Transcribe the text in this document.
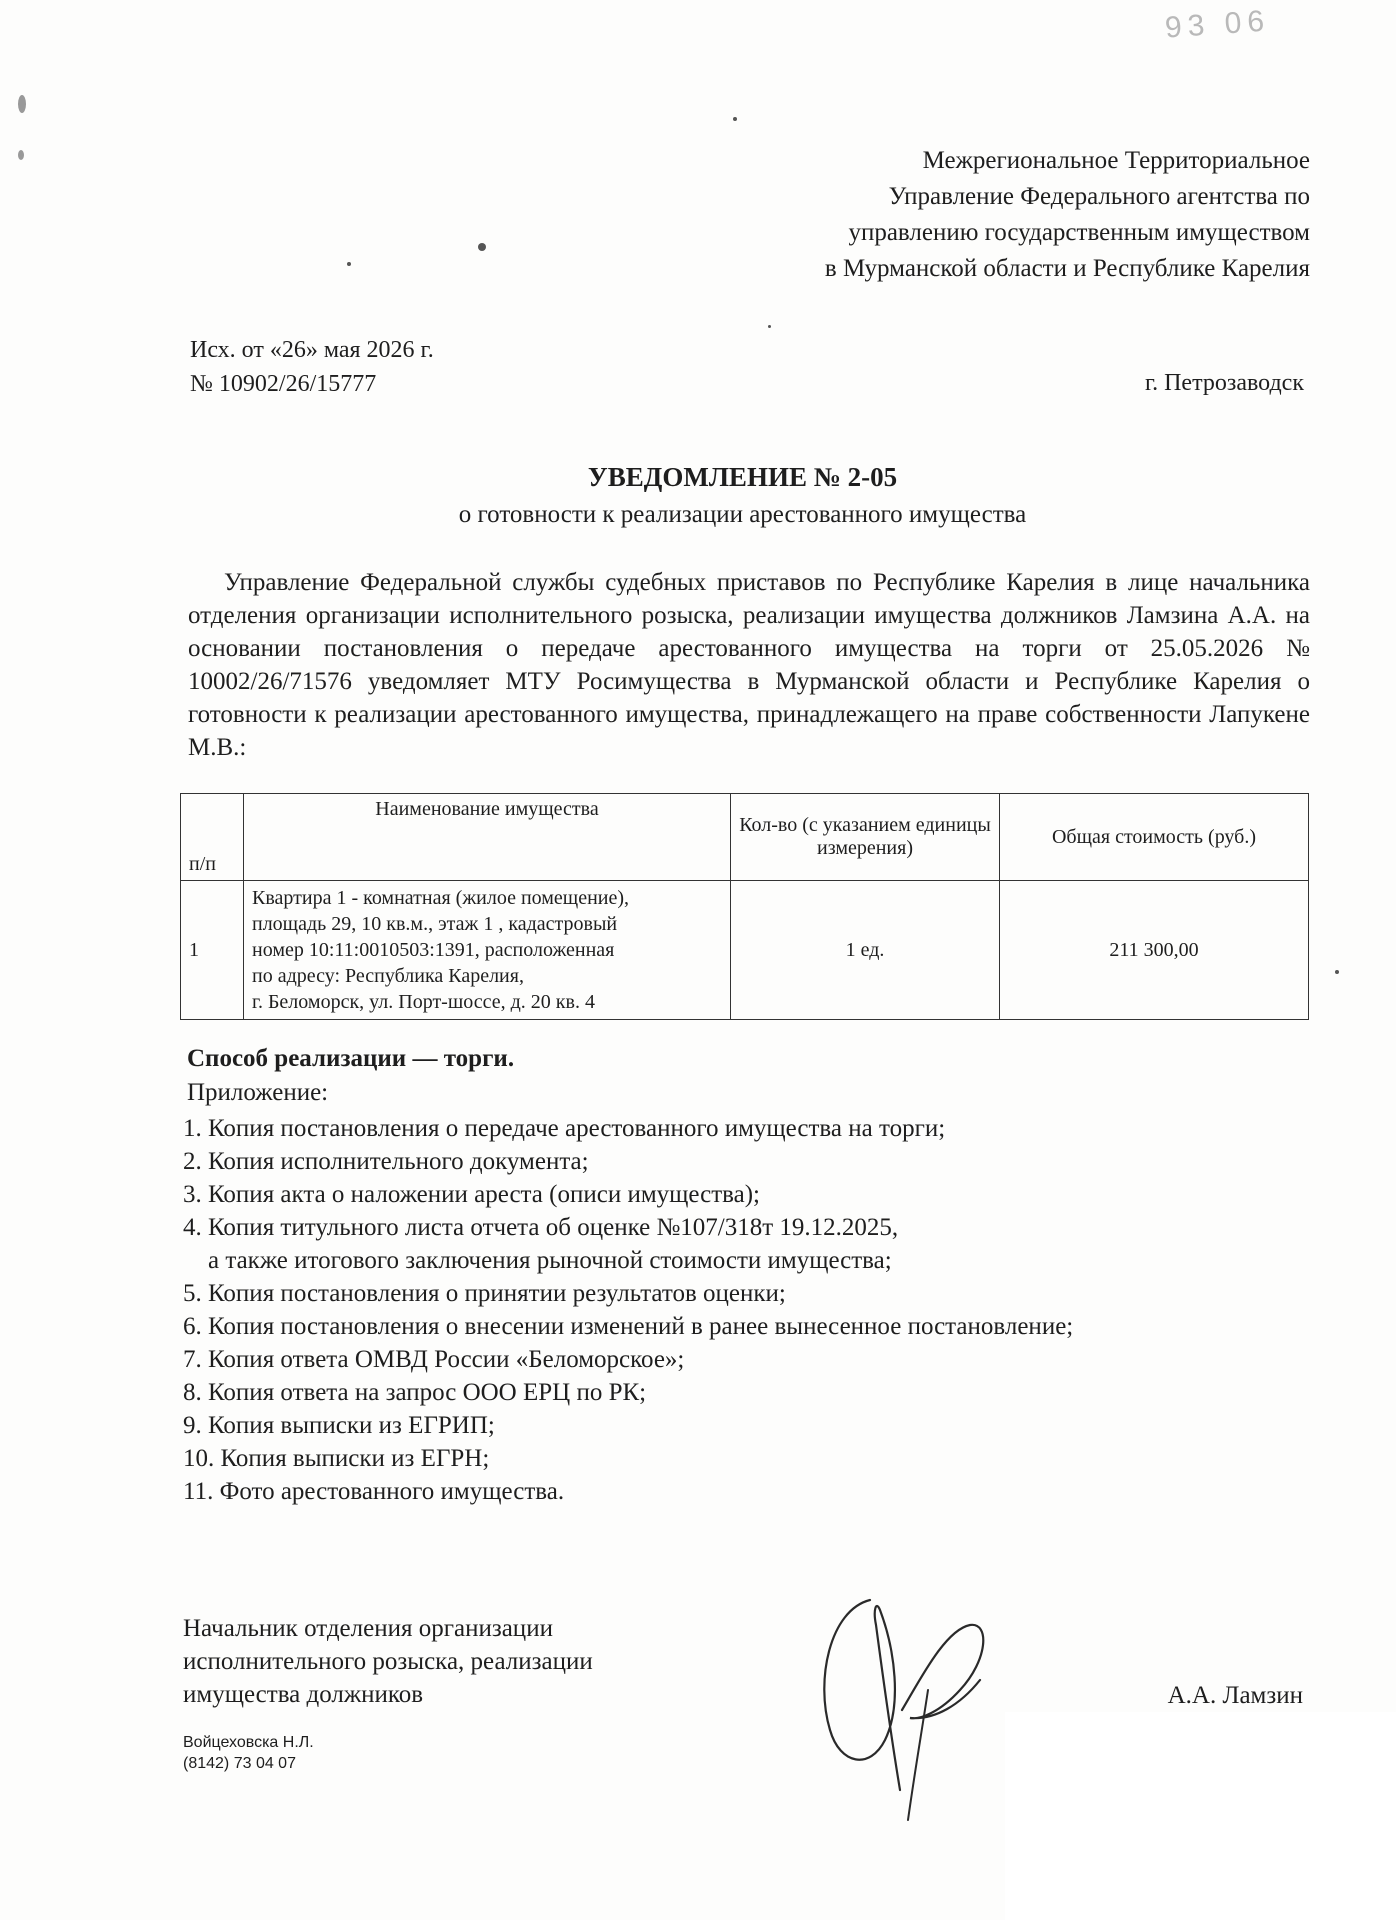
93 06
Межрегиональное Территориальное
Управление Федерального агентства по
управлению государственным имуществом
в Мурманской области и Республике Карелия
Исх. от «26» мая 2026 г.
№ 10902/26/15777	г. Петрозаводск
УВЕДОМЛЕНИЕ № 2-05
о готовности к реализации арестованного имущества
Управление Федеральной службы судебных приставов по Республике Карелия в лице начальника отделения организации исполнительного розыска, реализации имущества должников Ламзина А.А. на основании постановления о передаче арестованного имущества на торги от 25.05.2026 № 10002/26/71576 уведомляет МТУ Росимущества в Мурманской области и Республике Карелия о готовности к реализации арестованного имущества, принадлежащего на праве собственности Лапукене М.В.:
п/п	Наименование имущества	Кол-во (с указанием единицы измерения)	Общая стоимость (руб.)
1	Квартира 1 - комнатная (жилое помещение),
площадь 29, 10 кв.м., этаж 1 , кадастровый
номер 10:11:0010503:1391, расположенная
по адресу: Республика Карелия,
г. Беломорск, ул. Порт-шоссе, д. 20 кв. 4	1 ед.	211 300,00
Способ реализации — торги.
Приложение:
1. Копия постановления о передаче арестованного имущества на торги;
2. Копия исполнительного документа;
3. Копия акта о наложении ареста (описи имущества);
4. Копия титульного листа отчета об оценке №107/318т 19.12.2025,
а также итогового заключения рыночной стоимости имущества;
5. Копия постановления о принятии результатов оценки;
6. Копия постановления о внесении изменений в ранее вынесенное постановление;
7. Копия ответа ОМВД России «Беломорское»;
8. Копия ответа на запрос ООО ЕРЦ по РК;
9. Копия выписки из ЕГРИП;
10. Копия выписки из ЕГРН;
11. Фото арестованного имущества.
Начальник отделения организации
исполнительного розыска, реализации
имущества должников	А.А. Ламзин
Войцеховска Н.Л.
(8142) 73 04 07
